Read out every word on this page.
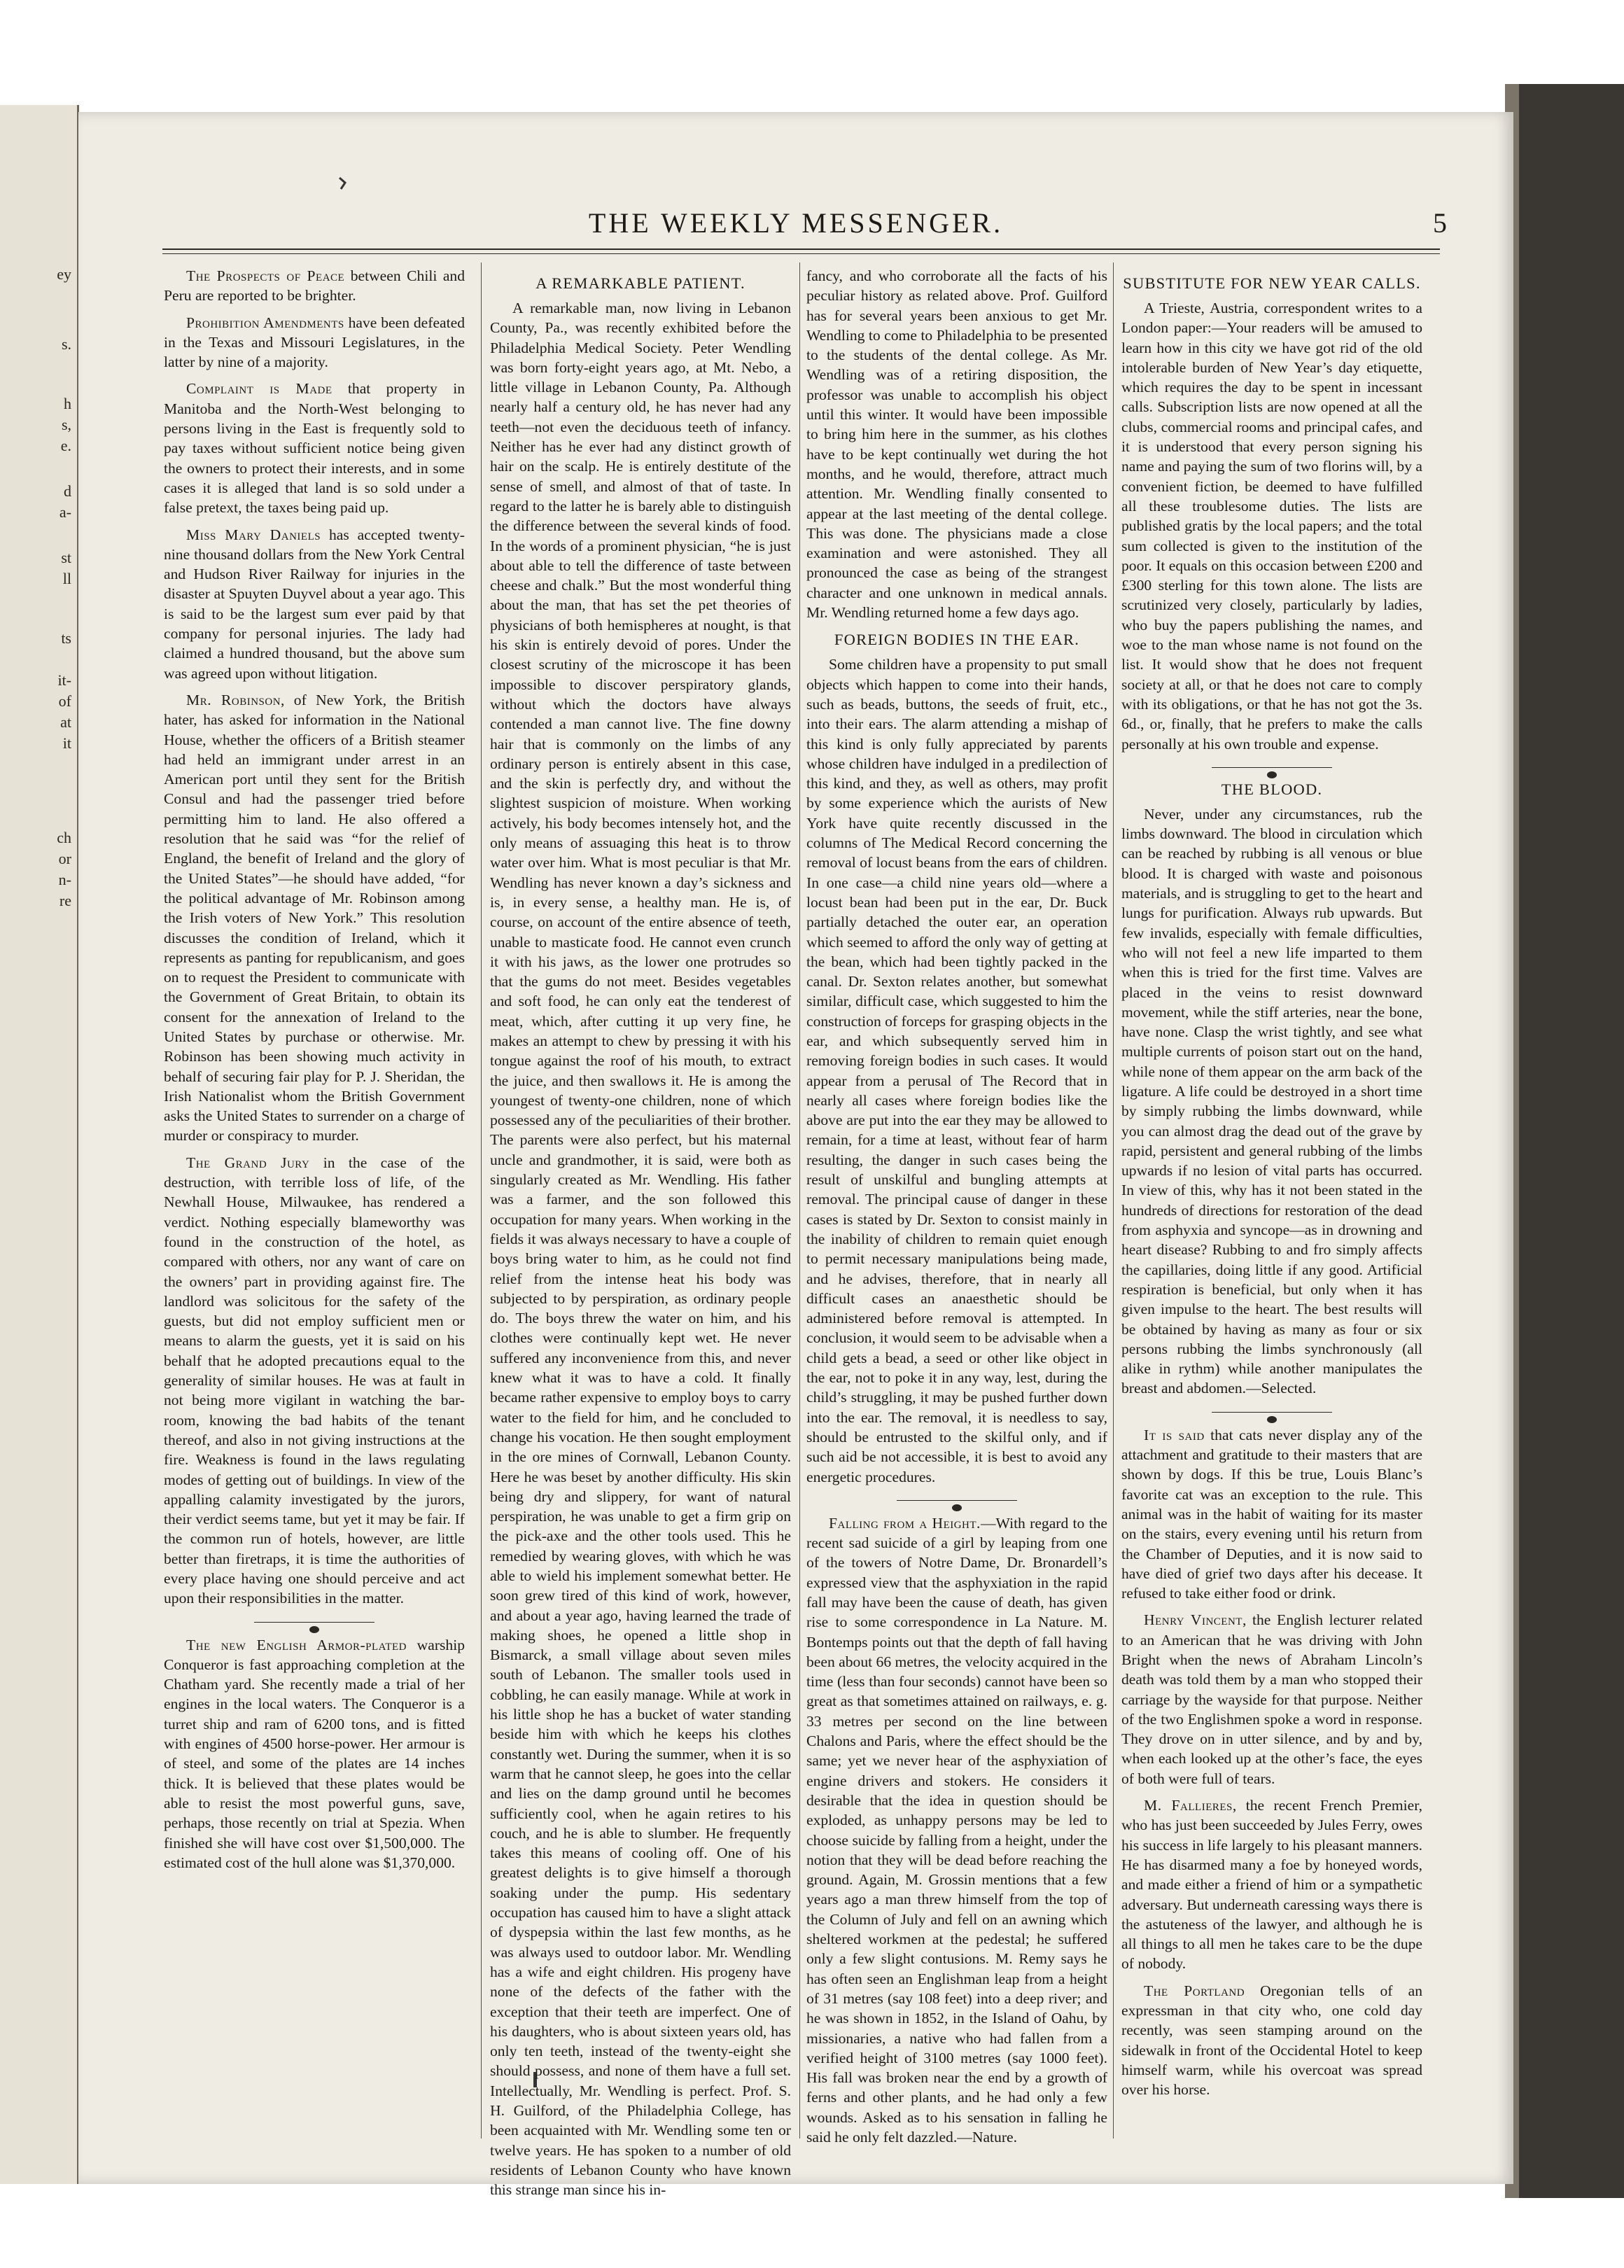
ey
s.
h
s,
e.
d
a-
st
ll
ts
it-
of
at
it
ch
or
n-
re
THE WEEKLY MESSENGER.	5

The Prospects of Peace between Chili and Peru are reported to be brighter.

Prohibition Amendments have been defeated in the Texas and Missouri Legislatures, in the latter by nine of a majority.

Complaint is Made that property in Manitoba and the North-West belonging to persons living in the East is frequently sold to pay taxes without sufficient notice being given the owners to protect their interests, and in some cases it is alleged that land is so sold under a false pretext, the taxes being paid up.

Miss Mary Daniels has accepted twenty-nine thousand dollars from the New York Central and Hudson River Railway for injuries in the disaster at Spuyten Duyvel about a year ago. This is said to be the largest sum ever paid by that company for personal injuries. The lady had claimed a hundred thousand, but the above sum was agreed upon without litigation.

Mr. Robinson, of New York, the British hater, has asked for information in the National House, whether the officers of a British steamer had held an immigrant under arrest in an American port until they sent for the British Consul and had the passenger tried before permitting him to land. He also offered a resolution that he said was “for the relief of England, the benefit of Ireland and the glory of the United States”—he should have added, “for the political advantage of Mr. Robinson among the Irish voters of New York.” This resolution discusses the condition of Ireland, which it represents as panting for republicanism, and goes on to request the President to communicate with the Government of Great Britain, to obtain its consent for the annexation of Ireland to the United States by purchase or otherwise. Mr. Robinson has been showing much activity in behalf of securing fair play for P. J. Sheridan, the Irish Nationalist whom the British Government asks the United States to surrender on a charge of murder or conspiracy to murder.

The Grand Jury in the case of the destruction, with terrible loss of life, of the Newhall House, Milwaukee, has rendered a verdict. Nothing especially blameworthy was found in the construction of the hotel, as compared with others, nor any want of care on the owners’ part in providing against fire. The landlord was solicitous for the safety of the guests, but did not employ sufficient men or means to alarm the guests, yet it is said on his behalf that he adopted precautions equal to the generality of similar houses. He was at fault in not being more vigilant in watching the bar-room, knowing the bad habits of the tenant thereof, and also in not giving instructions at the fire. Weakness is found in the laws regulating modes of getting out of buildings. In view of the appalling calamity investigated by the jurors, their verdict seems tame, but yet it may be fair. If the common run of hotels, however, are little better than firetraps, it is time the authorities of every place having one should perceive and act upon their responsibilities in the matter.

The new English Armor-plated warship Conqueror is fast approaching completion at the Chatham yard. She recently made a trial of her engines in the local waters. The Conqueror is a turret ship and ram of 6200 tons, and is fitted with engines of 4500 horse-power. Her armour is of steel, and some of the plates are 14 inches thick. It is believed that these plates would be able to resist the most powerful guns, save, perhaps, those recently on trial at Spezia. When finished she will have cost over $1,500,000. The estimated cost of the hull alone was $1,370,000.

A REMARKABLE PATIENT.

A remarkable man, now living in Lebanon County, Pa., was recently exhibited before the Philadelphia Medical Society. Peter Wendling was born forty-eight years ago, at Mt. Nebo, a little village in Lebanon County, Pa. Although nearly half a century old, he has never had any teeth—not even the deciduous teeth of infancy. Neither has he ever had any distinct growth of hair on the scalp. He is entirely destitute of the sense of smell, and almost of that of taste. In regard to the latter he is barely able to distinguish the difference between the several kinds of food. In the words of a prominent physician, “he is just about able to tell the difference of taste between cheese and chalk.” But the most wonderful thing about the man, that has set the pet theories of physicians of both hemispheres at nought, is that his skin is entirely devoid of pores. Under the closest scrutiny of the microscope it has been impossible to discover perspiratory glands, without which the doctors have always contended a man cannot live. The fine downy hair that is commonly on the limbs of any ordinary person is entirely absent in this case, and the skin is perfectly dry, and without the slightest suspicion of moisture. When working actively, his body becomes intensely hot, and the only means of assuaging this heat is to throw water over him. What is most peculiar is that Mr. Wendling has never known a day’s sickness and is, in every sense, a healthy man. He is, of course, on account of the entire absence of teeth, unable to masticate food. He cannot even crunch it with his jaws, as the lower one protrudes so that the gums do not meet. Besides vegetables and soft food, he can only eat the tenderest of meat, which, after cutting it up very fine, he makes an attempt to chew by pressing it with his tongue against the roof of his mouth, to extract the juice, and then swallows it. He is among the youngest of twenty-one children, none of which possessed any of the peculiarities of their brother. The parents were also perfect, but his maternal uncle and grandmother, it is said, were both as singularly created as Mr. Wendling. His father was a farmer, and the son followed this occupation for many years. When working in the fields it was always necessary to have a couple of boys bring water to him, as he could not find relief from the intense heat his body was subjected to by perspiration, as ordinary people do. The boys threw the water on him, and his clothes were continually kept wet. He never suffered any inconvenience from this, and never knew what it was to have a cold. It finally became rather expensive to employ boys to carry water to the field for him, and he concluded to change his vocation. He then sought employment in the ore mines of Cornwall, Lebanon County. Here he was beset by another difficulty. His skin being dry and slippery, for want of natural perspiration, he was unable to get a firm grip on the pick-axe and the other tools used. This he remedied by wearing gloves, with which he was able to wield his implement somewhat better. He soon grew tired of this kind of work, however, and about a year ago, having learned the trade of making shoes, he opened a little shop in Bismarck, a small village about seven miles south of Lebanon. The smaller tools used in cobbling, he can easily manage. While at work in his little shop he has a bucket of water standing beside him with which he keeps his clothes constantly wet. During the summer, when it is so warm that he cannot sleep, he goes into the cellar and lies on the damp ground until he becomes sufficiently cool, when he again retires to his couch, and he is able to slumber. He frequently takes this means of cooling off. One of his greatest delights is to give himself a thorough soaking under the pump. His sedentary occupation has caused him to have a slight attack of dyspepsia within the last few months, as he was always used to outdoor labor. Mr. Wendling has a wife and eight children. His progeny have none of the defects of the father with the exception that their teeth are imperfect. One of his daughters, who is about sixteen years old, has only ten teeth, instead of the twenty-eight she should possess, and none of them have a full set. Intellectually, Mr. Wendling is perfect. Prof. S. H. Guilford, of the Philadelphia College, has been acquainted with Mr. Wendling some ten or twelve years. He has spoken to a number of old residents of Lebanon County who have known this strange man since his in-

fancy, and who corroborate all the facts of his peculiar history as related above. Prof. Guilford has for several years been anxious to get Mr. Wendling to come to Philadelphia to be presented to the students of the dental college. As Mr. Wendling was of a retiring disposition, the professor was unable to accomplish his object until this winter. It would have been impossible to bring him here in the summer, as his clothes have to be kept continually wet during the hot months, and he would, therefore, attract much attention. Mr. Wendling finally consented to appear at the last meeting of the dental college. This was done. The physicians made a close examination and were astonished. They all pronounced the case as being of the strangest character and one unknown in medical annals. Mr. Wendling returned home a few days ago.

FOREIGN BODIES IN THE EAR.

Some children have a propensity to put small objects which happen to come into their hands, such as beads, buttons, the seeds of fruit, etc., into their ears. The alarm attending a mishap of this kind is only fully appreciated by parents whose children have indulged in a predilection of this kind, and they, as well as others, may profit by some experience which the aurists of New York have quite recently discussed in the columns of The Medical Record concerning the removal of locust beans from the ears of children. In one case—a child nine years old—where a locust bean had been put in the ear, Dr. Buck partially detached the outer ear, an operation which seemed to afford the only way of getting at the bean, which had been tightly packed in the canal. Dr. Sexton relates another, but somewhat similar, difficult case, which suggested to him the construction of forceps for grasping objects in the ear, and which subsequently served him in removing foreign bodies in such cases. It would appear from a perusal of The Record that in nearly all cases where foreign bodies like the above are put into the ear they may be allowed to remain, for a time at least, without fear of harm resulting, the danger in such cases being the result of unskilful and bungling attempts at removal. The principal cause of danger in these cases is stated by Dr. Sexton to consist mainly in the inability of children to remain quiet enough to permit necessary manipulations being made, and he advises, therefore, that in nearly all difficult cases an anaesthetic should be administered before removal is attempted. In conclusion, it would seem to be advisable when a child gets a bead, a seed or other like object in the ear, not to poke it in any way, lest, during the child’s struggling, it may be pushed further down into the ear. The removal, it is needless to say, should be entrusted to the skilful only, and if such aid be not accessible, it is best to avoid any energetic procedures.

Falling from a Height.—With regard to the recent sad suicide of a girl by leaping from one of the towers of Notre Dame, Dr. Bronardell’s expressed view that the asphyxiation in the rapid fall may have been the cause of death, has given rise to some correspondence in La Nature. M. Bontemps points out that the depth of fall having been about 66 metres, the velocity acquired in the time (less than four seconds) cannot have been so great as that sometimes attained on railways, e. g. 33 metres per second on the line between Chalons and Paris, where the effect should be the same; yet we never hear of the asphyxiation of engine drivers and stokers. He considers it desirable that the idea in question should be exploded, as unhappy persons may be led to choose suicide by falling from a height, under the notion that they will be dead before reaching the ground. Again, M. Grossin mentions that a few years ago a man threw himself from the top of the Column of July and fell on an awning which sheltered workmen at the pedestal; he suffered only a few slight contusions. M. Remy says he has often seen an Englishman leap from a height of 31 metres (say 108 feet) into a deep river; and he was shown in 1852, in the Island of Oahu, by missionaries, a native who had fallen from a verified height of 3100 metres (say 1000 feet). His fall was broken near the end by a growth of ferns and other plants, and he had only a few wounds. Asked as to his sensation in falling he said he only felt dazzled.—Nature.

SUBSTITUTE FOR NEW YEAR CALLS.

A Trieste, Austria, correspondent writes to a London paper:—Your readers will be amused to learn how in this city we have got rid of the old intolerable burden of New Year’s day etiquette, which requires the day to be spent in incessant calls. Subscription lists are now opened at all the clubs, commercial rooms and principal cafes, and it is understood that every person signing his name and paying the sum of two florins will, by a convenient fiction, be deemed to have fulfilled all these troublesome duties. The lists are published gratis by the local papers; and the total sum collected is given to the institution of the poor. It equals on this occasion between £200 and £300 sterling for this town alone. The lists are scrutinized very closely, particularly by ladies, who buy the papers publishing the names, and woe to the man whose name is not found on the list. It would show that he does not frequent society at all, or that he does not care to comply with its obligations, or that he has not got the 3s. 6d., or, finally, that he prefers to make the calls personally at his own trouble and expense.

THE BLOOD.

Never, under any circumstances, rub the limbs downward. The blood in circulation which can be reached by rubbing is all venous or blue blood. It is charged with waste and poisonous materials, and is struggling to get to the heart and lungs for purification. Always rub upwards. But few invalids, especially with female difficulties, who will not feel a new life imparted to them when this is tried for the first time. Valves are placed in the veins to resist downward movement, while the stiff arteries, near the bone, have none. Clasp the wrist tightly, and see what multiple currents of poison start out on the hand, while none of them appear on the arm back of the ligature. A life could be destroyed in a short time by simply rubbing the limbs downward, while you can almost drag the dead out of the grave by rapid, persistent and general rubbing of the limbs upwards if no lesion of vital parts has occurred. In view of this, why has it not been stated in the hundreds of directions for restoration of the dead from asphyxia and syncope—as in drowning and heart disease? Rubbing to and fro simply affects the capillaries, doing little if any good. Artificial respiration is beneficial, but only when it has given impulse to the heart. The best results will be obtained by having as many as four or six persons rubbing the limbs synchronously (all alike in rythm) while another manipulates the breast and abdomen.—Selected.

It is said that cats never display any of the attachment and gratitude to their masters that are shown by dogs. If this be true, Louis Blanc’s favorite cat was an exception to the rule. This animal was in the habit of waiting for its master on the stairs, every evening until his return from the Chamber of Deputies, and it is now said to have died of grief two days after his decease. It refused to take either food or drink.

Henry Vincent, the English lecturer related to an American that he was driving with John Bright when the news of Abraham Lincoln’s death was told them by a man who stopped their carriage by the wayside for that purpose. Neither of the two Englishmen spoke a word in response. They drove on in utter silence, and by and by, when each looked up at the other’s face, the eyes of both were full of tears.

M. Fallieres, the recent French Premier, who has just been succeeded by Jules Ferry, owes his success in life largely to his pleasant manners. He has disarmed many a foe by honeyed words, and made either a friend of him or a sympathetic adversary. But underneath caressing ways there is the astuteness of the lawyer, and although he is all things to all men he takes care to be the dupe of nobody.

The Portland Oregonian tells of an expressman in that city who, one cold day recently, was seen stamping around on the sidewalk in front of the Occidental Hotel to keep himself warm, while his overcoat was spread over his horse.
